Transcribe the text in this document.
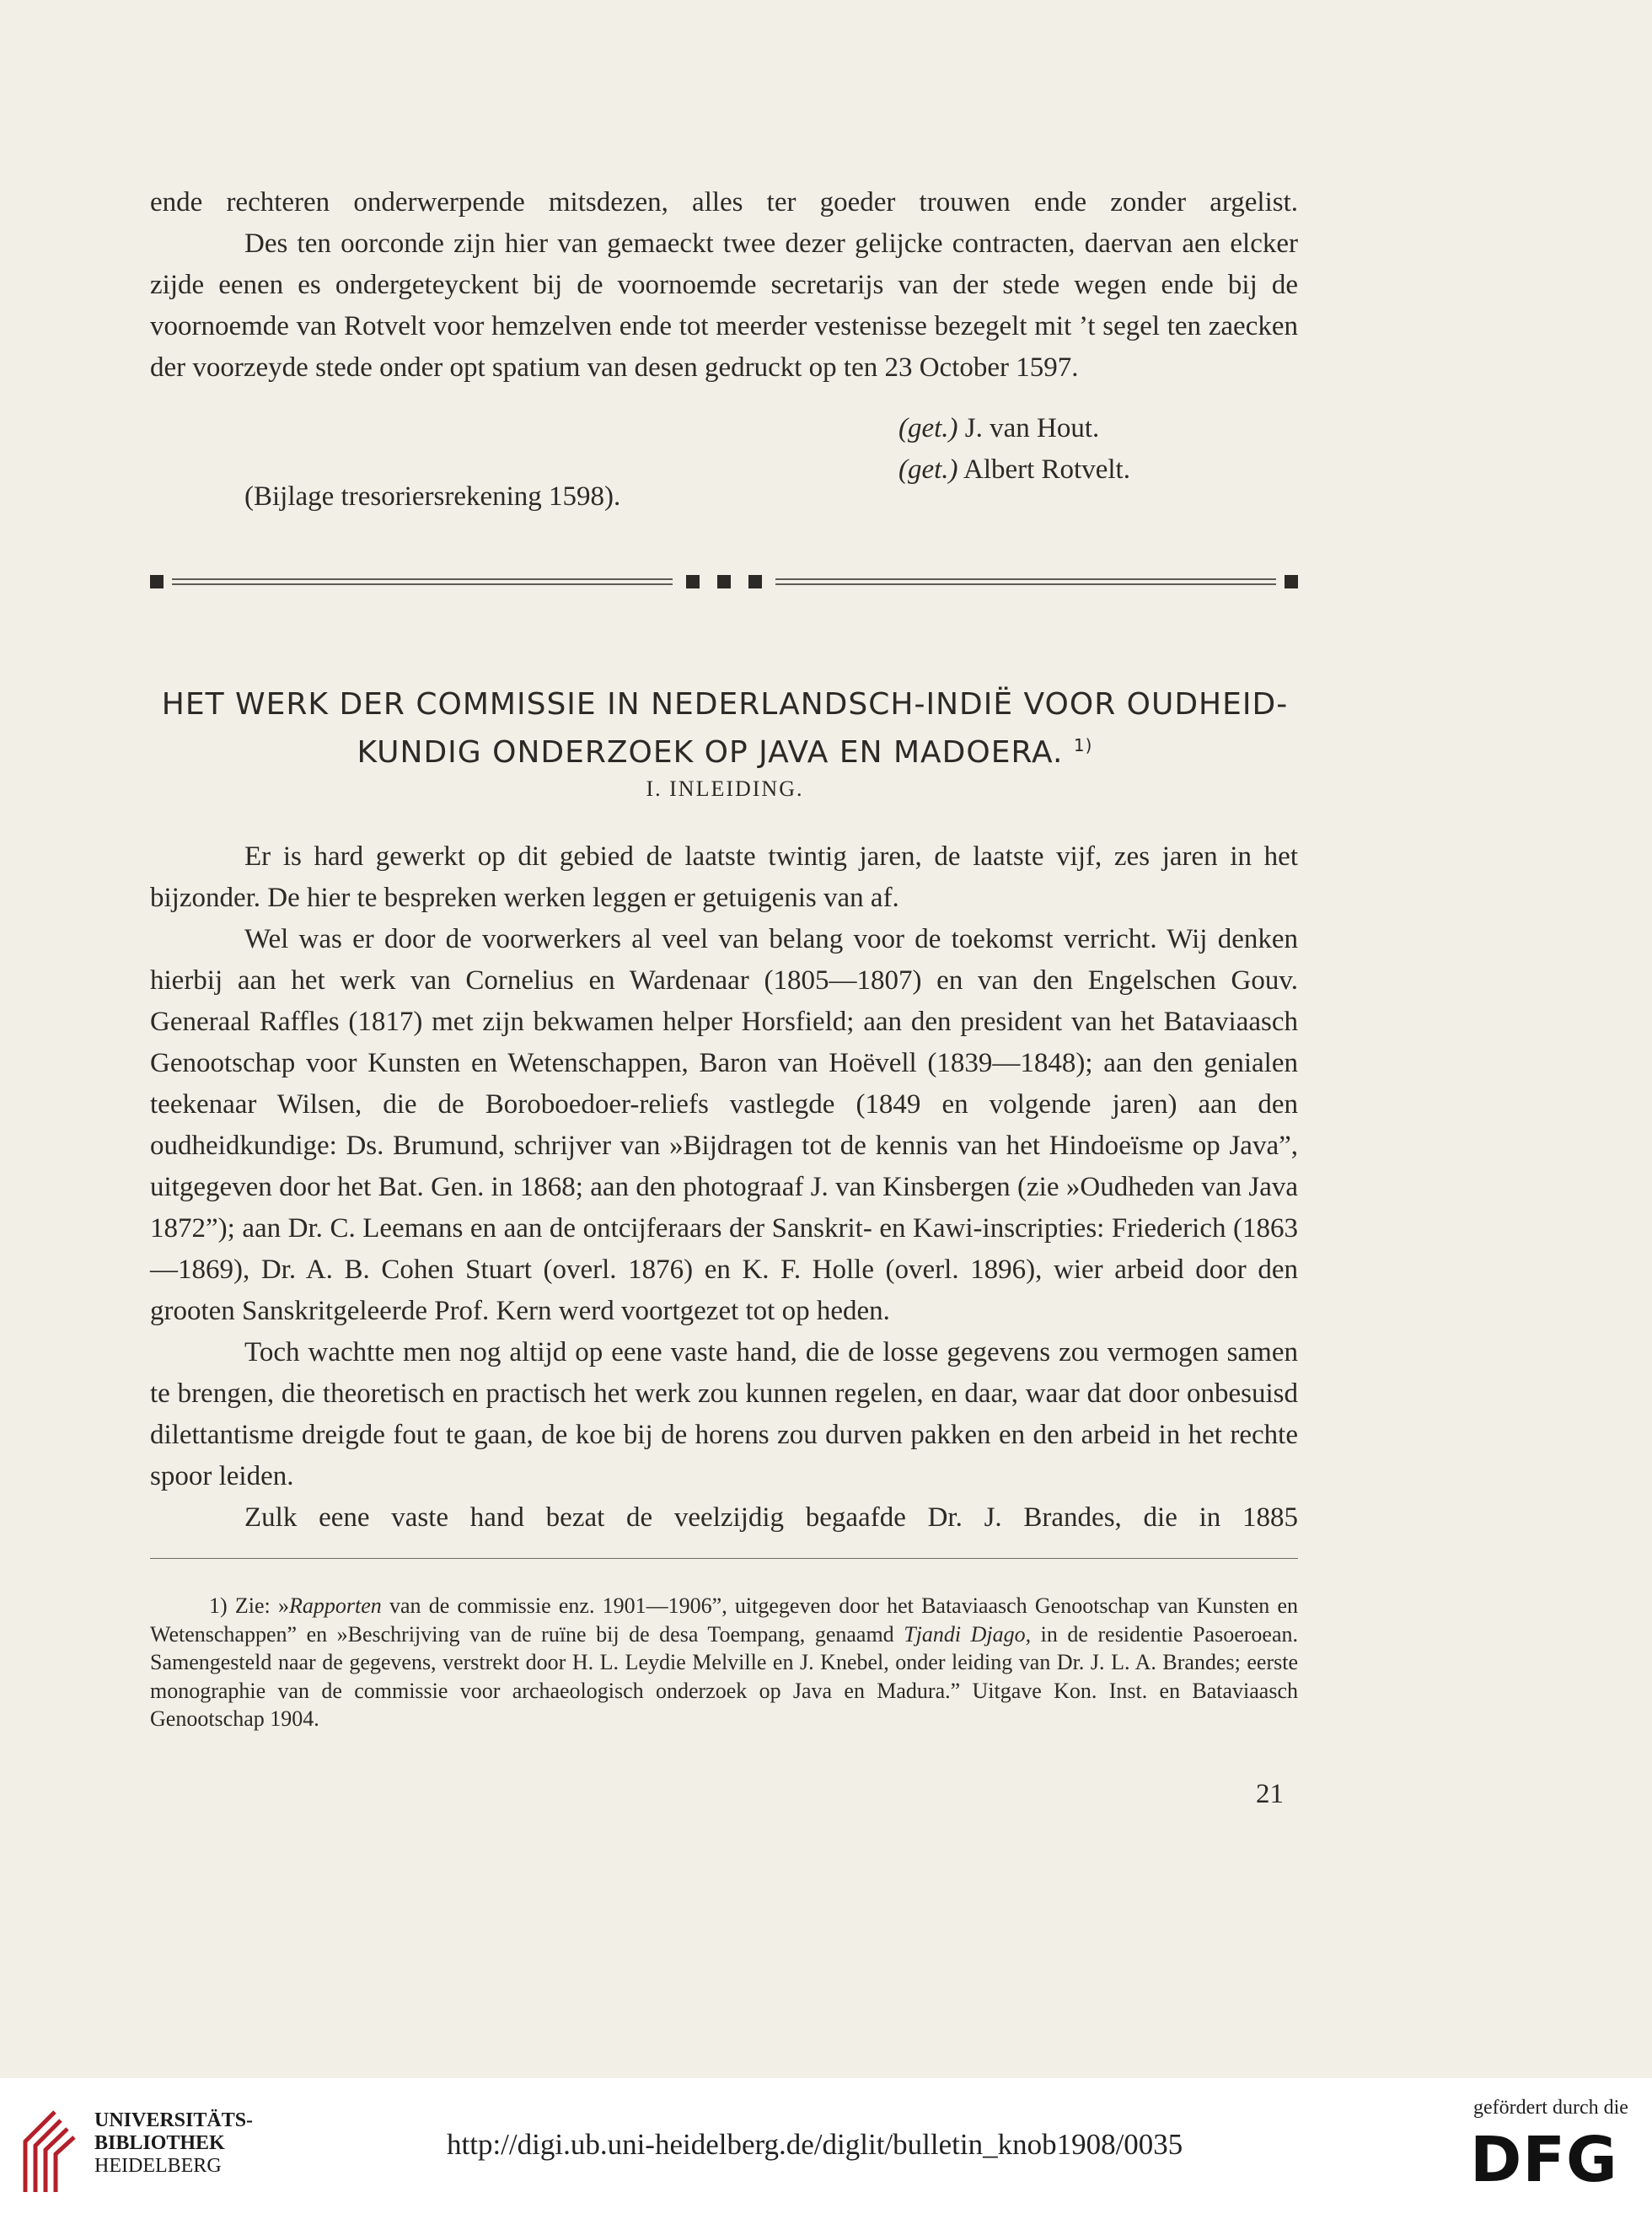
ende rechteren onderwerpende mitsdezen, alles ter goeder trouwen ende zonder argelist.

Des ten oorconde zijn hier van gemaeckt twee dezer gelijcke contracten, daervan aen elcker zijde eenen es ondergeteyckent bij de voornoemde secretarijs van der stede wegen ende bij de voornoemde van Rotvelt voor hemzelven ende tot meerder vestenisse bezegelt mit ’t segel ten zaecken der voorzeyde stede onder opt spatium van desen gedruckt op ten 23 October 1597.

(get.) J. van Hout.
(get.) Albert Rotvelt.
(Bijlage tresoriersrekening 1598).
HET WERK DER COMMISSIE IN NEDERLANDSCH-INDIË VOOR OUDHEID-
KUNDIG ONDERZOEK OP JAVA EN MADOERA. $^{1)}$
I. INLEIDING.

Er is hard gewerkt op dit gebied de laatste twintig jaren, de laatste vijf, zes jaren in het bijzonder. De hier te bespreken werken leggen er getuigenis van af.

Wel was er door de voorwerkers al veel van belang voor de toekomst verricht. Wij denken hierbij aan het werk van Cornelius en Wardenaar (1805—1807) en van den Engelschen Gouv. Generaal Raffles (1817) met zijn bekwamen helper Horsfield; aan den president van het Bataviaasch Genootschap voor Kunsten en Wetenschappen, Baron van Hoëvell (1839—1848); aan den genialen teekenaar Wilsen, die de Boroboedoer-reliefs vastlegde (1849 en volgende jaren) aan den oudheidkundige: Ds. Brumund, schrijver van »Bijdragen tot de kennis van het Hindoeïsme op Java”, uitgegeven door het Bat. Gen. in 1868; aan den photograaf J. van Kinsbergen (zie »Oudheden van Java 1872”); aan Dr. C. Leemans en aan de ontcijferaars der Sanskrit- en Kawi-inscripties: Friederich (1863—1869), Dr. A. B. Cohen Stuart (overl. 1876) en K. F. Holle (overl. 1896), wier arbeid door den grooten Sanskritgeleerde Prof. Kern werd voortgezet tot op heden.

Toch wachtte men nog altijd op eene vaste hand, die de losse gegevens zou vermogen samen te brengen, die theoretisch en practisch het werk zou kunnen regelen, en daar, waar dat door onbesuisd dilettantisme dreigde fout te gaan, de koe bij de horens zou durven pakken en den arbeid in het rechte spoor leiden.

Zulk eene vaste hand bezat de veelzijdig begaafde Dr. J. Brandes, die in 1885

1) Zie: »Rapporten van de commissie enz. 1901—1906”, uitgegeven door het Bataviaasch Genootschap van Kunsten en Wetenschappen” en »Beschrijving van de ruïne bij de desa Toempang, genaamd Tjandi Djago, in de residentie Pasoeroean. Samengesteld naar de gegevens, verstrekt door H. L. Leydie Melville en J. Knebel, onder leiding van Dr. J. L. A. Brandes; eerste monographie van de commissie voor archaeologisch onderzoek op Java en Madura.” Uitgave Kon. Inst. en Bataviaasch Genootschap 1904.

21
UNIVERSITÄTS-
BIBLIOTHEK
HEIDELBERG
http://digi.ub.uni-heidelberg.de/diglit/bulletin_knob1908/0035
gefördert durch die
DFG
